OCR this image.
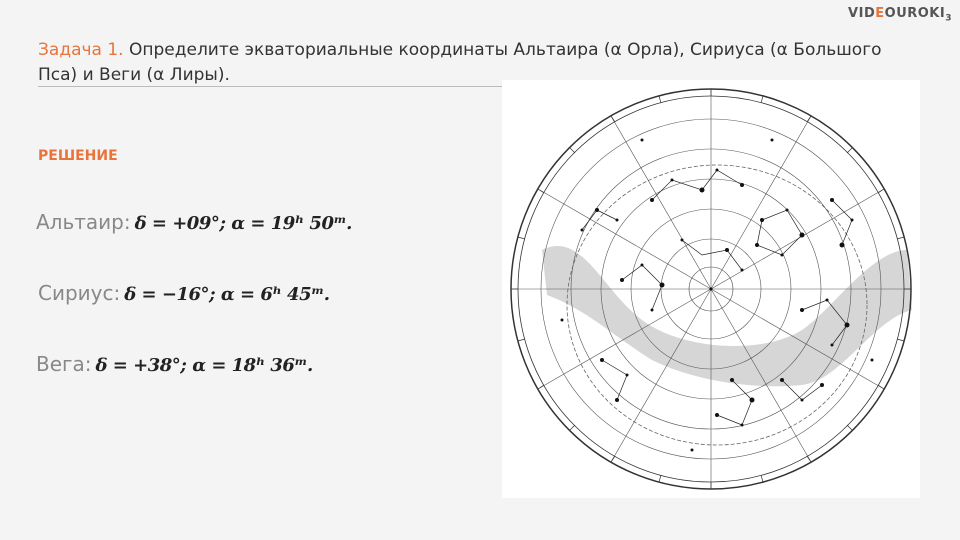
$VIDEOUROKI_3$
Задача 1. Определите экваториальные координаты Альтаира (α Орла), Сириуса (α Большого Пса) и Веги (α Лиры).
РЕШЕНИЕ
Альтаир: δ = +09°; α = 19ʰ 50ᵐ.
Сириус: δ = −16°; α = 6ʰ 45ᵐ.
Вега: δ = +38°; α = 18ʰ 36ᵐ.
